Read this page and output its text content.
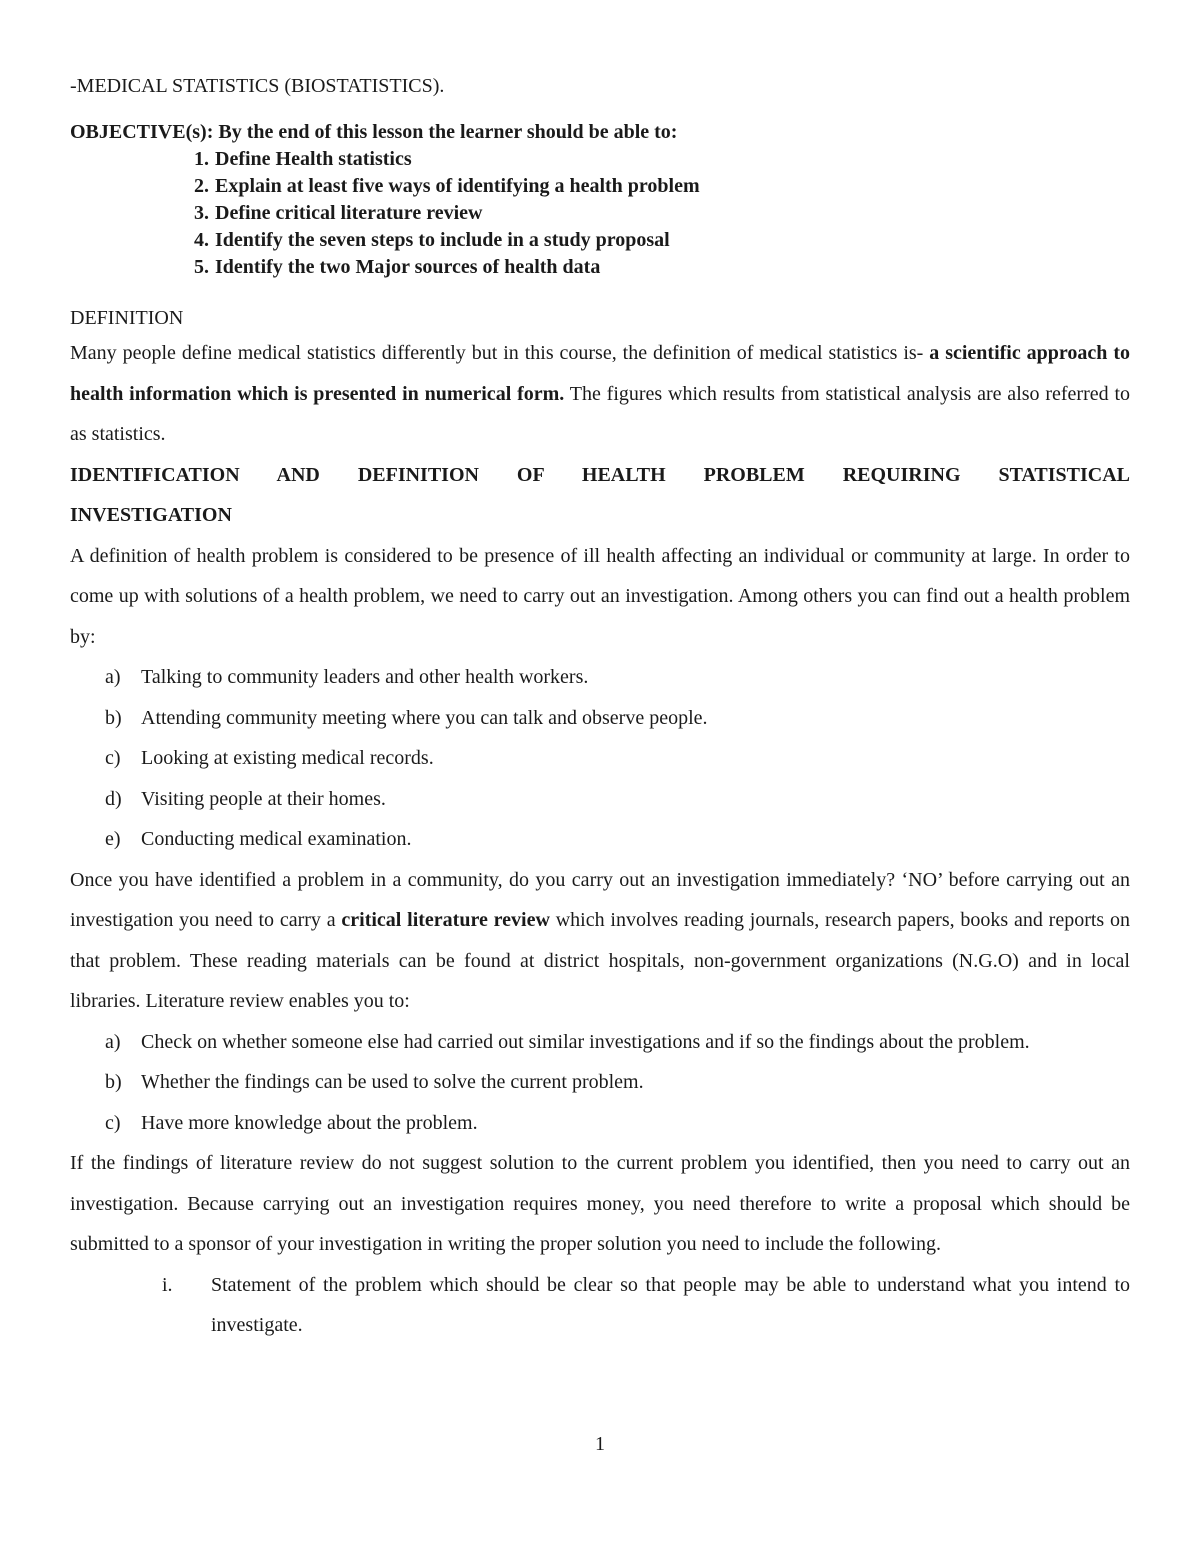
-MEDICAL STATISTICS (BIOSTATISTICS).

OBJECTIVE(s): By the end of this lesson the learner should be able to:

1. Define Health statistics
2. Explain at least five ways of identifying a health problem
3. Define critical literature review
4. Identify the seven steps to include in a study proposal
5. Identify the two Major sources of health data

DEFINITION

Many people define medical statistics differently but in this course, the definition of medical statistics is- a scientific approach to health information which is presented in numerical form. The figures which results from statistical analysis are also referred to as statistics.

IDENTIFICATION AND DEFINITION OF HEALTH PROBLEM REQUIRING STATISTICAL

INVESTIGATION

A definition of health problem is considered to be presence of ill health affecting an individual or community at large. In order to come up with solutions of a health problem, we need to carry out an investigation. Among others you can find out a health problem by:

a) Talking to community leaders and other health workers.
b) Attending community meeting where you can talk and observe people.
c) Looking at existing medical records.
d) Visiting people at their homes.
e) Conducting medical examination.

Once you have identified a problem in a community, do you carry out an investigation immediately? ‘NO’ before carrying out an investigation you need to carry a critical literature review which involves reading journals, research papers, books and reports on that problem. These reading materials can be found at district hospitals, non-government organizations (N.G.O) and in local libraries. Literature review enables you to:

a) Check on whether someone else had carried out similar investigations and if so the findings about the problem.
b) Whether the findings can be used to solve the current problem.
c) Have more knowledge about the problem.

If the findings of literature review do not suggest solution to the current problem you identified, then you need to carry out an investigation. Because carrying out an investigation requires money, you need therefore to write a proposal which should be submitted to a sponsor of your investigation in writing the proper solution you need to include the following.

i. Statement of the problem which should be clear so that people may be able to understand what you intend to investigate.
1
